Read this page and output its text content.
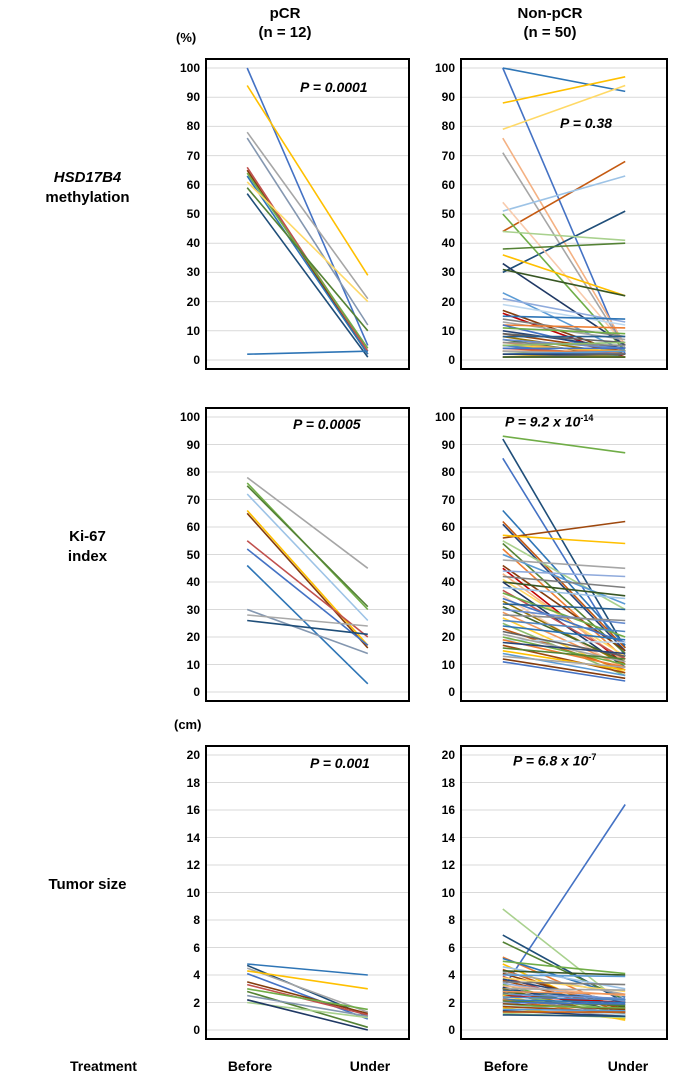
pCR
(n = 12)
Non-pCR
(n = 50)
HSD17B4
methylation
Ki-67
index
Tumor size
(%)
(cm)
P = 0.0001
P = 0.38
P = 0.0005	P = 9.2 x $10^{-14}$
P = 0.001	P = 6.8 x $10^{-7}$
Before	Under	Before	Under
Treatment
100
90
80
70
60
50
40
30
20
10
0
100
90
80
70
60
50
40
30
20
10
0
100
90
80
70
60
50
40
30
20
10
0
100
90
80
70
60
50
40
30
20
10
0
20
18
16
14
12
10
8
6
4
2
0
20
18
16
14
12
10
8
6
4
2
0
